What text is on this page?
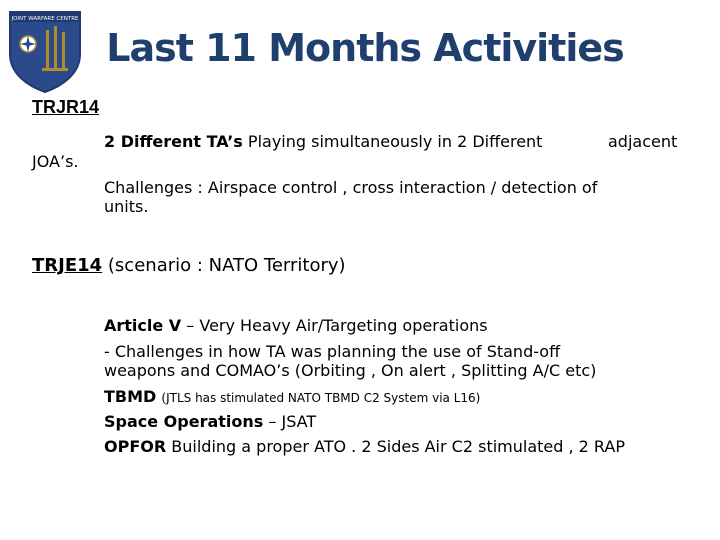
JOINT WARFARE CENTRE
Last 11 Months Activities
TRJR14
2 Different TA’s Playing simultaneously in 2 Different	adjacent
JOA’s.
Challenges : Airspace control , cross interaction / detection of
units.
TRJE14 (scenario : NATO Territory)
Article V – Very Heavy Air/Targeting operations
- Challenges in how TA was planning the use of Stand-off
weapons and COMAO’s (Orbiting , On alert , Splitting A/C etc)
TBMD (JTLS has stimulated NATO TBMD C2 System via L16)
Space Operations – JSAT
OPFOR Building a proper ATO . 2 Sides Air C2 stimulated , 2 RAP
